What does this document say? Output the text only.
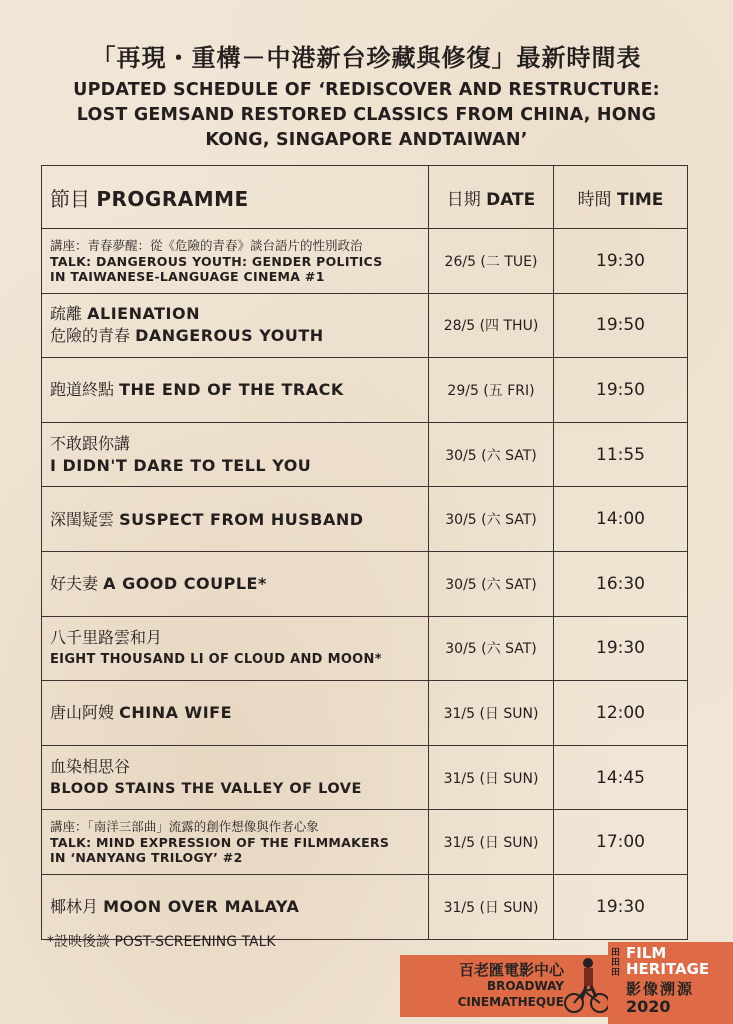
「再現・重構－中港新台珍藏與修復」最新時間表
UPDATED SCHEDULE OF ‘REDISCOVER AND RESTRUCTURE:
LOST GEMSAND RESTORED CLASSICS FROM CHINA, HONG
KONG, SINGAPORE ANDTAIWAN’
節目 PROGRAMME	日期 DATE	時間 TIME

講座：青春夢醒：從《危險的青春》談台語片的性別政治
TALK: DANGEROUS YOUTH: GENDER POLITICS
IN TAIWANESE-LANGUAGE CINEMA #1	26/5 (二 TUE)	19:30

疏離 ALIENATION
危險的青春 DANGEROUS YOUTH	28/5 (四 THU)	19:50
跑道終點 THE END OF THE TRACK	29/5 (五 FRI)	19:50

不敢跟你講
I DIDN'T DARE TO TELL YOU	30/5 (六 SAT)	11:55
深閨疑雲 SUSPECT FROM HUSBAND	30/5 (六 SAT)	14:00
好夫妻 A GOOD COUPLE*	30/5 (六 SAT)	16:30

八千里路雲和月
EIGHT THOUSAND LI OF CLOUD AND MOON*	30/5 (六 SAT)	19:30
唐山阿嫂 CHINA WIFE	31/5 (日 SUN)	12:00

血染相思谷
BLOOD STAINS THE VALLEY OF LOVE	31/5 (日 SUN)	14:45

講座：「南洋三部曲」流露的創作想像與作者心象
TALK: MIND EXPRESSION OF THE FILMMAKERS
IN ‘NANYANG TRILOGY’ #2	31/5 (日 SUN)	17:00
椰林月 MOON OVER MALAYA	31/5 (日 SUN)	19:30
*設映後談 POST-SCREENING TALK
百老匯電影中心
BROADWAY
CINEMATHEQUE
田田田
FILM
HERITAGE
影像溯源
2020
